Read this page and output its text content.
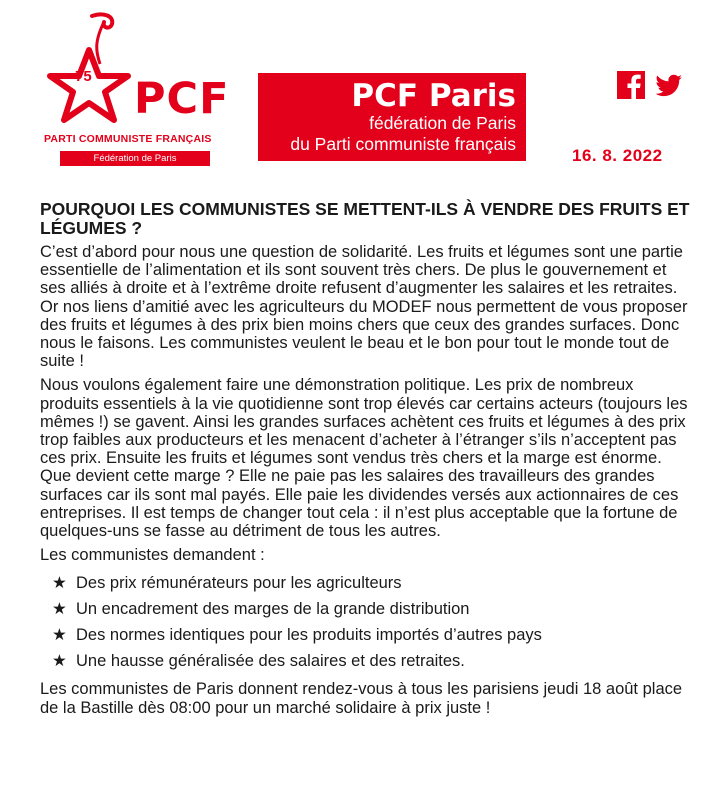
75 PCF
PARTI COMMUNISTE FRANÇAIS
Fédération de Paris
PCF Paris
fédération de Paris
du Parti communiste français
16. 8. 2022
POURQUOI LES COMMUNISTES SE METTENT-ILS À VENDRE DES FRUITS ET LÉGUMES ?

C’est d’abord pour nous une question de solidarité. Les fruits et légumes sont une partie essentielle de l’alimentation et ils sont souvent très chers. De plus le gouvernement et ses alliés à droite et à l’extrême droite refusent d’augmenter les salaires et les retraites. Or nos liens d’amitié avec les agriculteurs du MODEF nous permettent de vous proposer des fruits et légumes à des prix bien moins chers que ceux des grandes surfaces. Donc nous le faisons. Les communistes veulent le beau et le bon pour tout le monde tout de suite !

Nous voulons également faire une démonstration politique. Les prix de nombreux produits essentiels à la vie quotidienne sont trop élevés car certains acteurs (toujours les mêmes !) se gavent. Ainsi les grandes surfaces achètent ces fruits et légumes à des prix trop faibles aux producteurs et les menacent d’acheter à l’étranger s’ils n’acceptent pas ces prix. Ensuite les fruits et légumes sont vendus très chers et la marge est énorme. Que devient cette marge ? Elle ne paie pas les salaires des travailleurs des grandes surfaces car ils sont mal payés. Elle paie les dividendes versés aux actionnaires de ces entreprises. Il est temps de changer tout cela : il n’est plus acceptable que la fortune de quelques-uns se fasse au détriment de tous les autres.

Les communistes demandent :

★ Des prix rémunérateurs pour les agriculteurs
★ Un encadrement des marges de la grande distribution
★ Des normes identiques pour les produits importés d’autres pays
★ Une hausse généralisée des salaires et des retraites.

Les communistes de Paris donnent rendez-vous à tous les parisiens jeudi 18 août place de la Bastille dès 08:00 pour un marché solidaire à prix juste !
